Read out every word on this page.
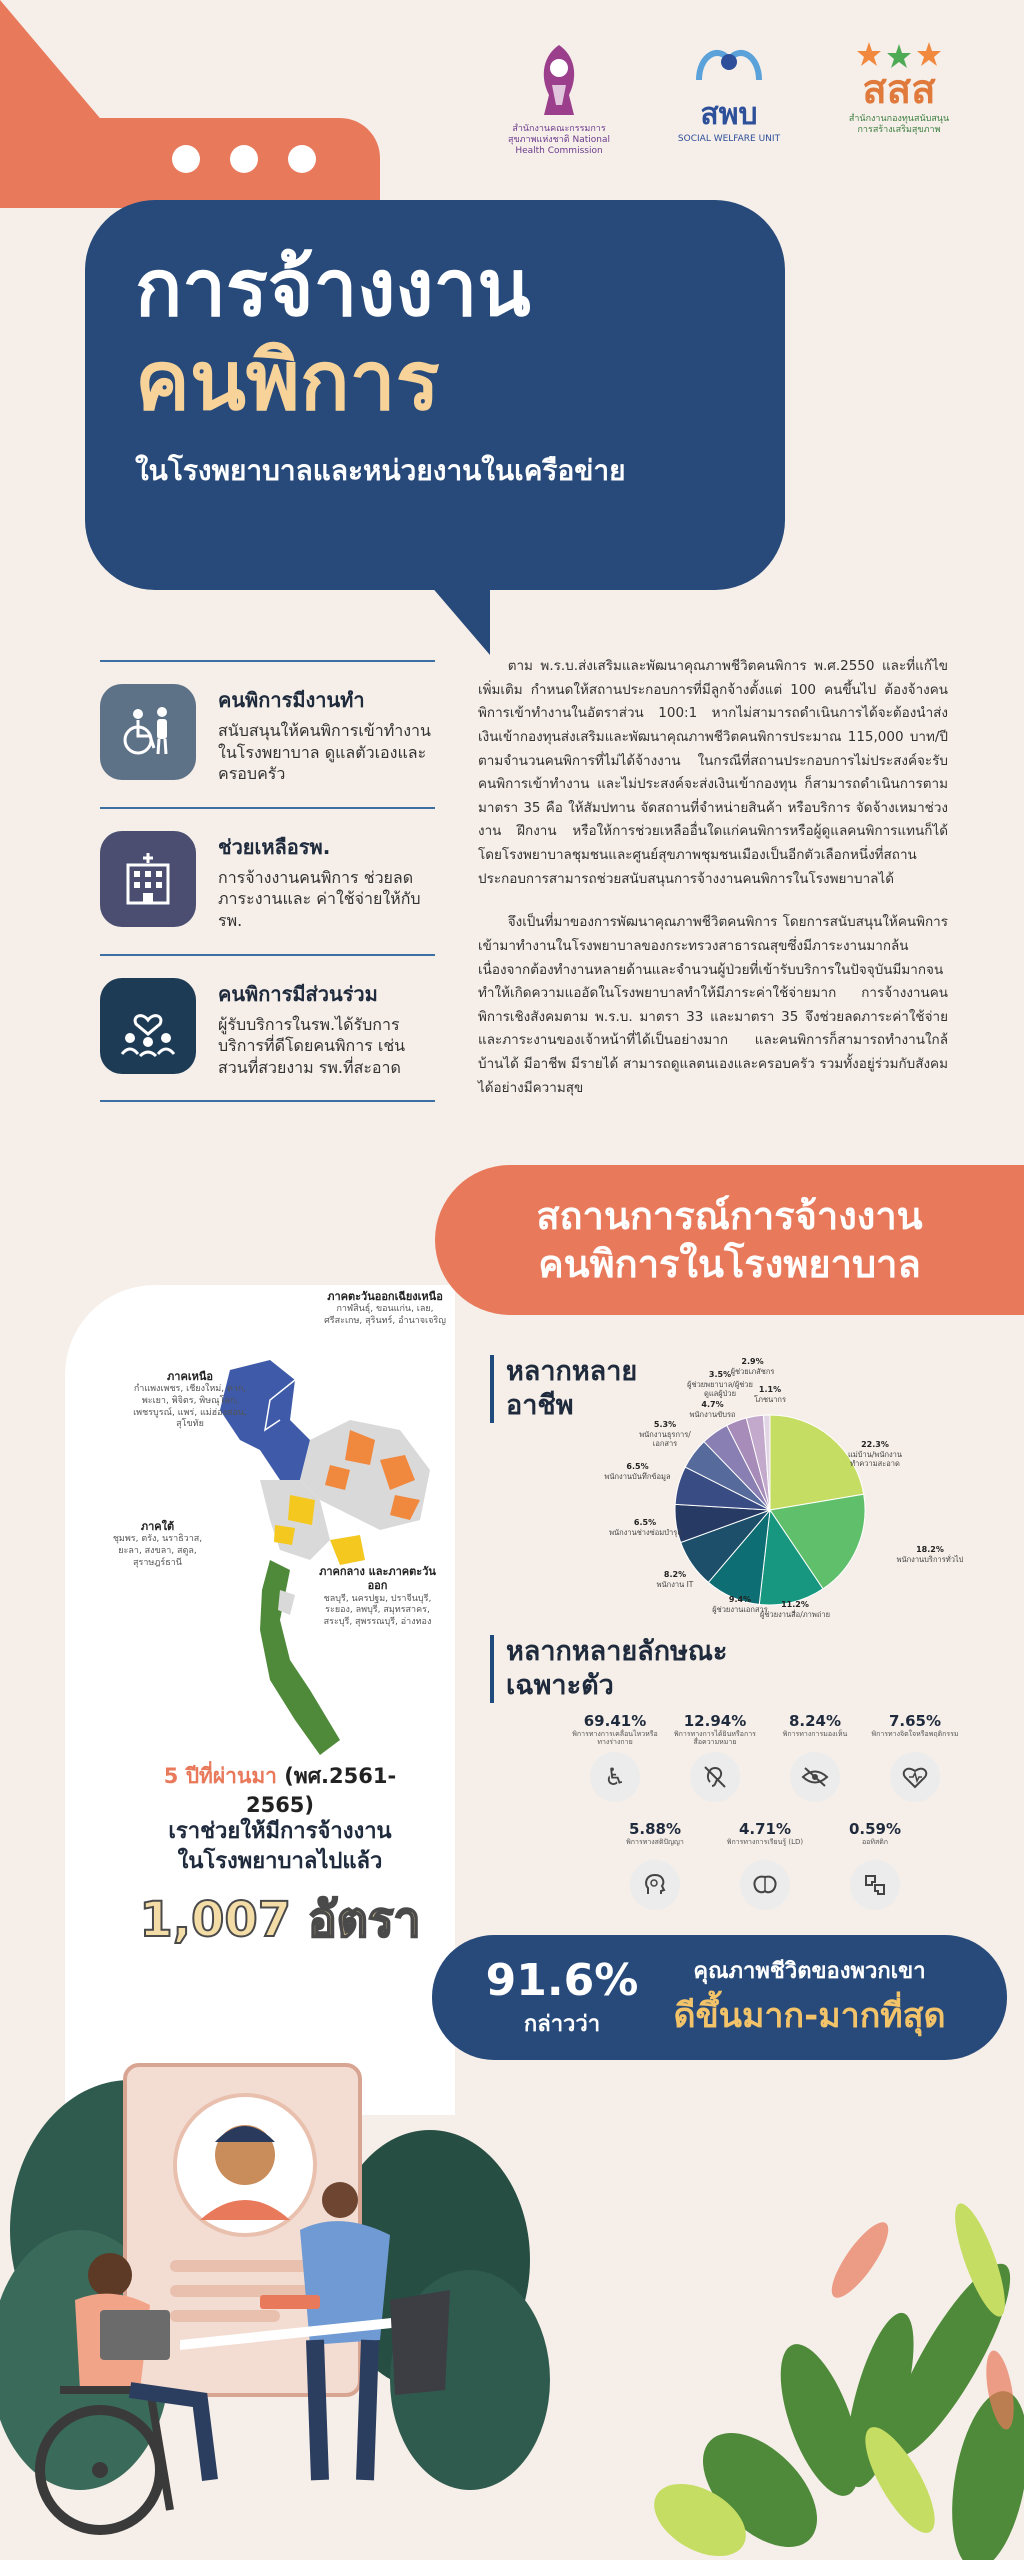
สำนักงานคณะกรรมการสุขภาพแห่งชาติ National Health Commission
สพบ
SOCIAL WELFARE UNIT
สสส
สำนักงานกองทุนสนับสนุน การสร้างเสริมสุขภาพ
การจ้างงาน
คนพิการ
ในโรงพยาบาลและหน่วยงานในเครือข่าย
คนพิการมีงานทำ
สนับสนุนให้คนพิการเข้าทำงานในโรงพยาบาล ดูแลตัวเองและครอบครัว
ช่วยเหลือรพ.
การจ้างงานคนพิการ ช่วยลดภาระงานและ ค่าใช้จ่ายให้กับรพ.
คนพิการมีส่วนร่วม
ผู้รับบริการในรพ.ได้รับการบริการที่ดีโดยคนพิการ เช่น สวนที่สวยงาม รพ.ที่สะอาด

ตาม พ.ร.บ.ส่งเสริมและพัฒนาคุณภาพชีวิตคนพิการ พ.ศ.2550 และที่แก้ไขเพิ่มเติม กำหนดให้สถานประกอบการที่มีลูกจ้างตั้งแต่ 100 คนขึ้นไป ต้องจ้างคนพิการเข้าทำงานในอัตราส่วน 100:1 หากไม่สามารถดำเนินการได้จะต้องนำส่งเงินเข้ากองทุนส่งเสริมและพัฒนาคุณภาพชีวิตคนพิการประมาณ 115,000 บาท/ปี ตามจำนวนคนพิการที่ไม่ได้จ้างงาน ในกรณีที่สถานประกอบการไม่ประสงค์จะรับคนพิการเข้าทำงาน และไม่ประสงค์จะส่งเงินเข้ากองทุน ก็สามารถดำเนินการตาม มาตรา 35 คือ ให้สัมปทาน จัดสถานที่จำหน่ายสินค้า หรือบริการ จัดจ้างเหมาช่วงงาน ฝึกงาน หรือให้การช่วยเหลืออื่นใดแก่คนพิการหรือผู้ดูแลคนพิการแทนก็ได้โดยโรงพยาบาลชุมชนและศูนย์สุขภาพชุมชนเมืองเป็นอีกตัวเลือกหนึ่งที่สถานประกอบการสามารถช่วยสนับสนุนการจ้างงานคนพิการในโรงพยาบาลได้

จึงเป็นที่มาของการพัฒนาคุณภาพชีวิตคนพิการ โดยการสนับสนุนให้คนพิการเข้ามาทำงานในโรงพยาบาลของกระทรวงสาธารณสุขซึ่งมีภาระงานมากล้นเนื่องจากต้องทำงานหลายด้านและจำนวนผู้ป่วยที่เข้ารับบริการในปัจจุบันมีมากจนทำให้เกิดความแออัดในโรงพยาบาลทำให้มีภาระค่าใช้จ่ายมาก การจ้างงานคนพิการเชิงสังคมตาม พ.ร.บ. มาตรา 33 และมาตรา 35 จึงช่วยลดภาระค่าใช้จ่ายและภาระงานของเจ้าหน้าที่ได้เป็นอย่างมาก และคนพิการก็สามารถทำงานใกล้บ้านได้ มีอาชีพ มีรายได้ สามารถดูแลตนเองและครอบครัว รวมทั้งอยู่ร่วมกับสังคมได้อย่างมีความสุข

สถานการณ์การจ้างงาน
คนพิการในโรงพยาบาล
ภาคเหนือ
กำแพงเพชร, เชียงใหม่, ตาก, พะเยา, พิจิตร, พิษณุโลก, เพชรบูรณ์, แพร่, แม่ฮ่องสอน, สุโขทัย
ภาคตะวันออกเฉียงเหนือ
กาฬสินธุ์, ขอนแก่น, เลย, ศรีสะเกษ, สุรินทร์, อำนาจเจริญ
ภาคใต้
ชุมพร, ตรัง, นราธิวาส, ยะลา, สงขลา, สตูล, สุราษฎร์ธานี
ภาคกลาง และภาคตะวันออก
ชลบุรี, นครปฐม, ปราจีนบุรี, ระยอง, ลพบุรี, สมุทรสาคร, สระบุรี, สุพรรณบุรี, อ่างทอง
5 ปีที่ผ่านมา (พศ.2561-2565)
เราช่วยให้มีการจ้างงาน
ในโรงพยาบาลไปแล้ว
1,007 อัตรา
หลากหลาย
อาชีพ
22.3%
แม่บ้าน/พนักงานทำความสะอาด
18.2%
พนักงานบริการทั่วไป
11.2%
ผู้ช่วยงานสื่อ/ภาพถ่าย
9.4%
ผู้ช่วยงานเอกสาร
8.2%
พนักงาน IT
6.5%
พนักงานช่างซ่อมบำรุง
6.5%
พนักงานบันทึกข้อมูล
5.3%
พนักงานธุรการ/เอกสาร
4.7%
พนักงานขับรถ
3.5%
ผู้ช่วยพยาบาล/ผู้ช่วยดูแลผู้ป่วย
2.9%
ผู้ช่วยเภสัชกร
1.1%
โภชนากร
หลากหลายลักษณะ
เฉพาะตัว
69.41%
พิการทางการเคลื่อนไหวหรือทางร่างกาย
♿
12.94%
พิการทางการได้ยินหรือการสื่อความหมาย
8.24%
พิการทางการมองเห็น
7.65%
พิการทางจิตใจหรือพฤติกรรม
5.88%
พิการทางสติปัญญา
4.71%
พิการทางการเรียนรู้ (LD)
0.59%
ออทิสติก
91.6%
กล่าวว่า
คุณภาพชีวิตของพวกเขา
ดีขึ้นมาก-มากที่สุด
